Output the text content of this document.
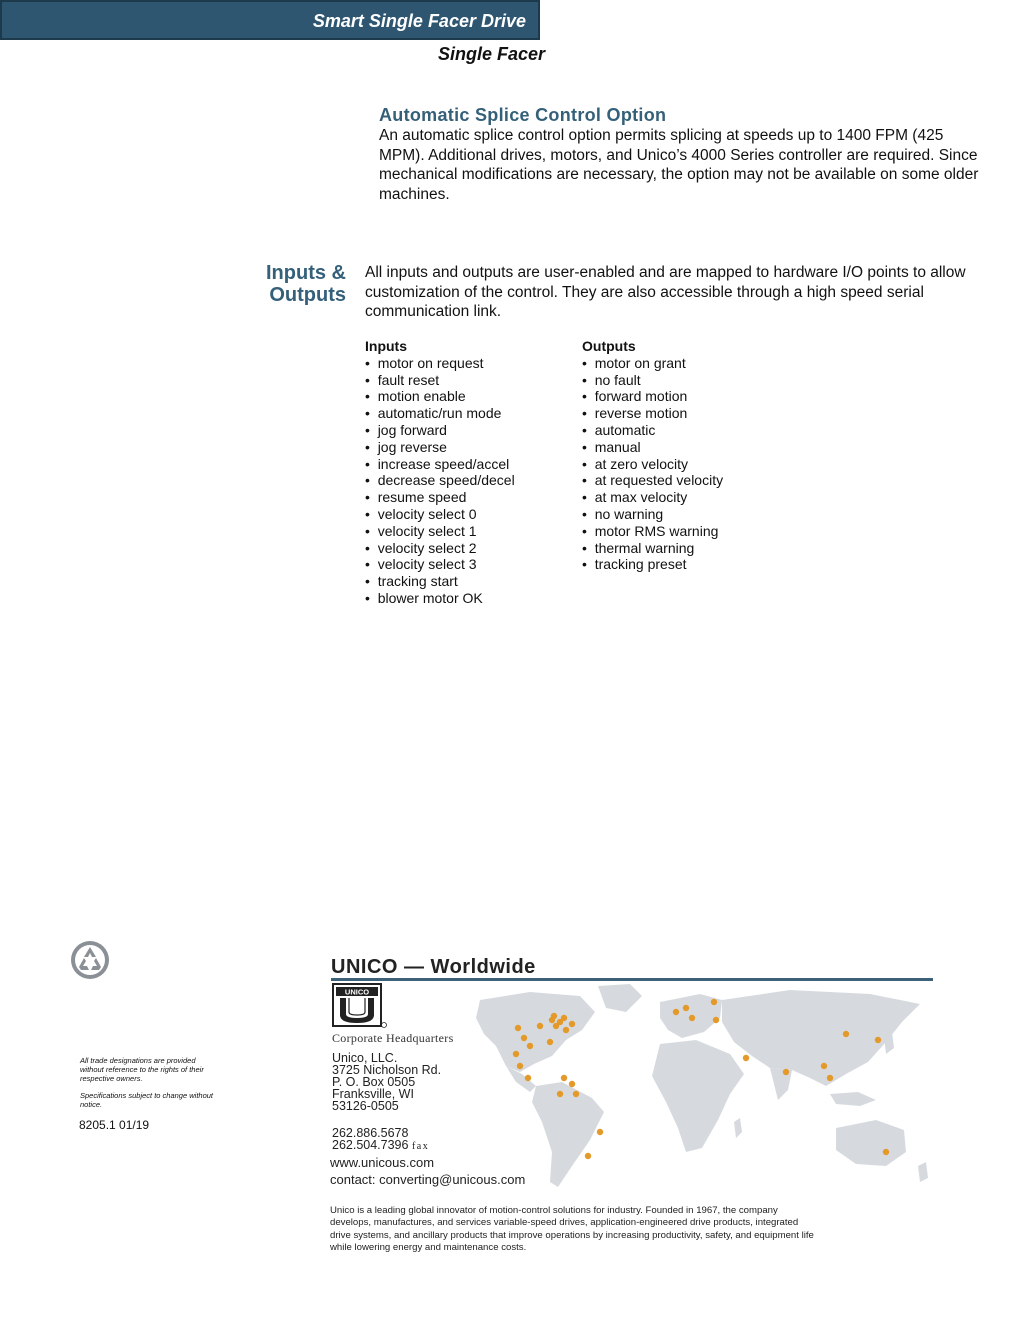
Smart Single Facer Drive
Single Facer
Automatic Splice Control Option

An automatic splice control option permits splicing at speeds up to 1400 FPM (425 MPM). Additional drives, motors, and Unico’s 4000 Series controller are required. Since mechanical modifications are necessary, the option may not be available on some older machines.

Inputs &
Outputs

All inputs and outputs are user-enabled and are mapped to hardware I/O points to allow customization of the control. They are also accessible through a high speed serial communication link.

Inputs
•  motor on request
•  fault reset
•  motion enable
•  automatic/run mode
•  jog forward
•  jog reverse
•  increase speed/accel
•  decrease speed/decel
•  resume speed
•  velocity select 0
•  velocity select 1
•  velocity select 2
•  velocity select 3
•  tracking start
•  blower motor OK
Outputs
•  motor on grant
•  no fault
•  forward motion
•  reverse motion
•  automatic
•  manual
•  at zero velocity
•  at requested velocity
•  at max velocity
•  no warning
•  motor RMS warning
•  thermal warning
•  tracking preset

All trade designations are provided without reference to the rights of their respective owners.

Specifications subject to change without notice.

8205.1 01/19
UNICO — Worldwide
UNICO
Corporate Headquarters
Unico, LLC.
3725 Nicholson Rd.
P. O. Box 0505
Franksville, WI
53126-0505
262.886.5678
262.504.7396 fax
www.unicous.com
contact: converting@unicous.com

Unico is a leading global innovator of motion-control solutions for industry. Founded in 1967, the company develops, manufactures, and services variable-speed drives, application-engineered drive products, integrated drive systems, and ancillary products that improve operations by increasing productivity, safety, and equipment life while lowering energy and maintenance costs.
